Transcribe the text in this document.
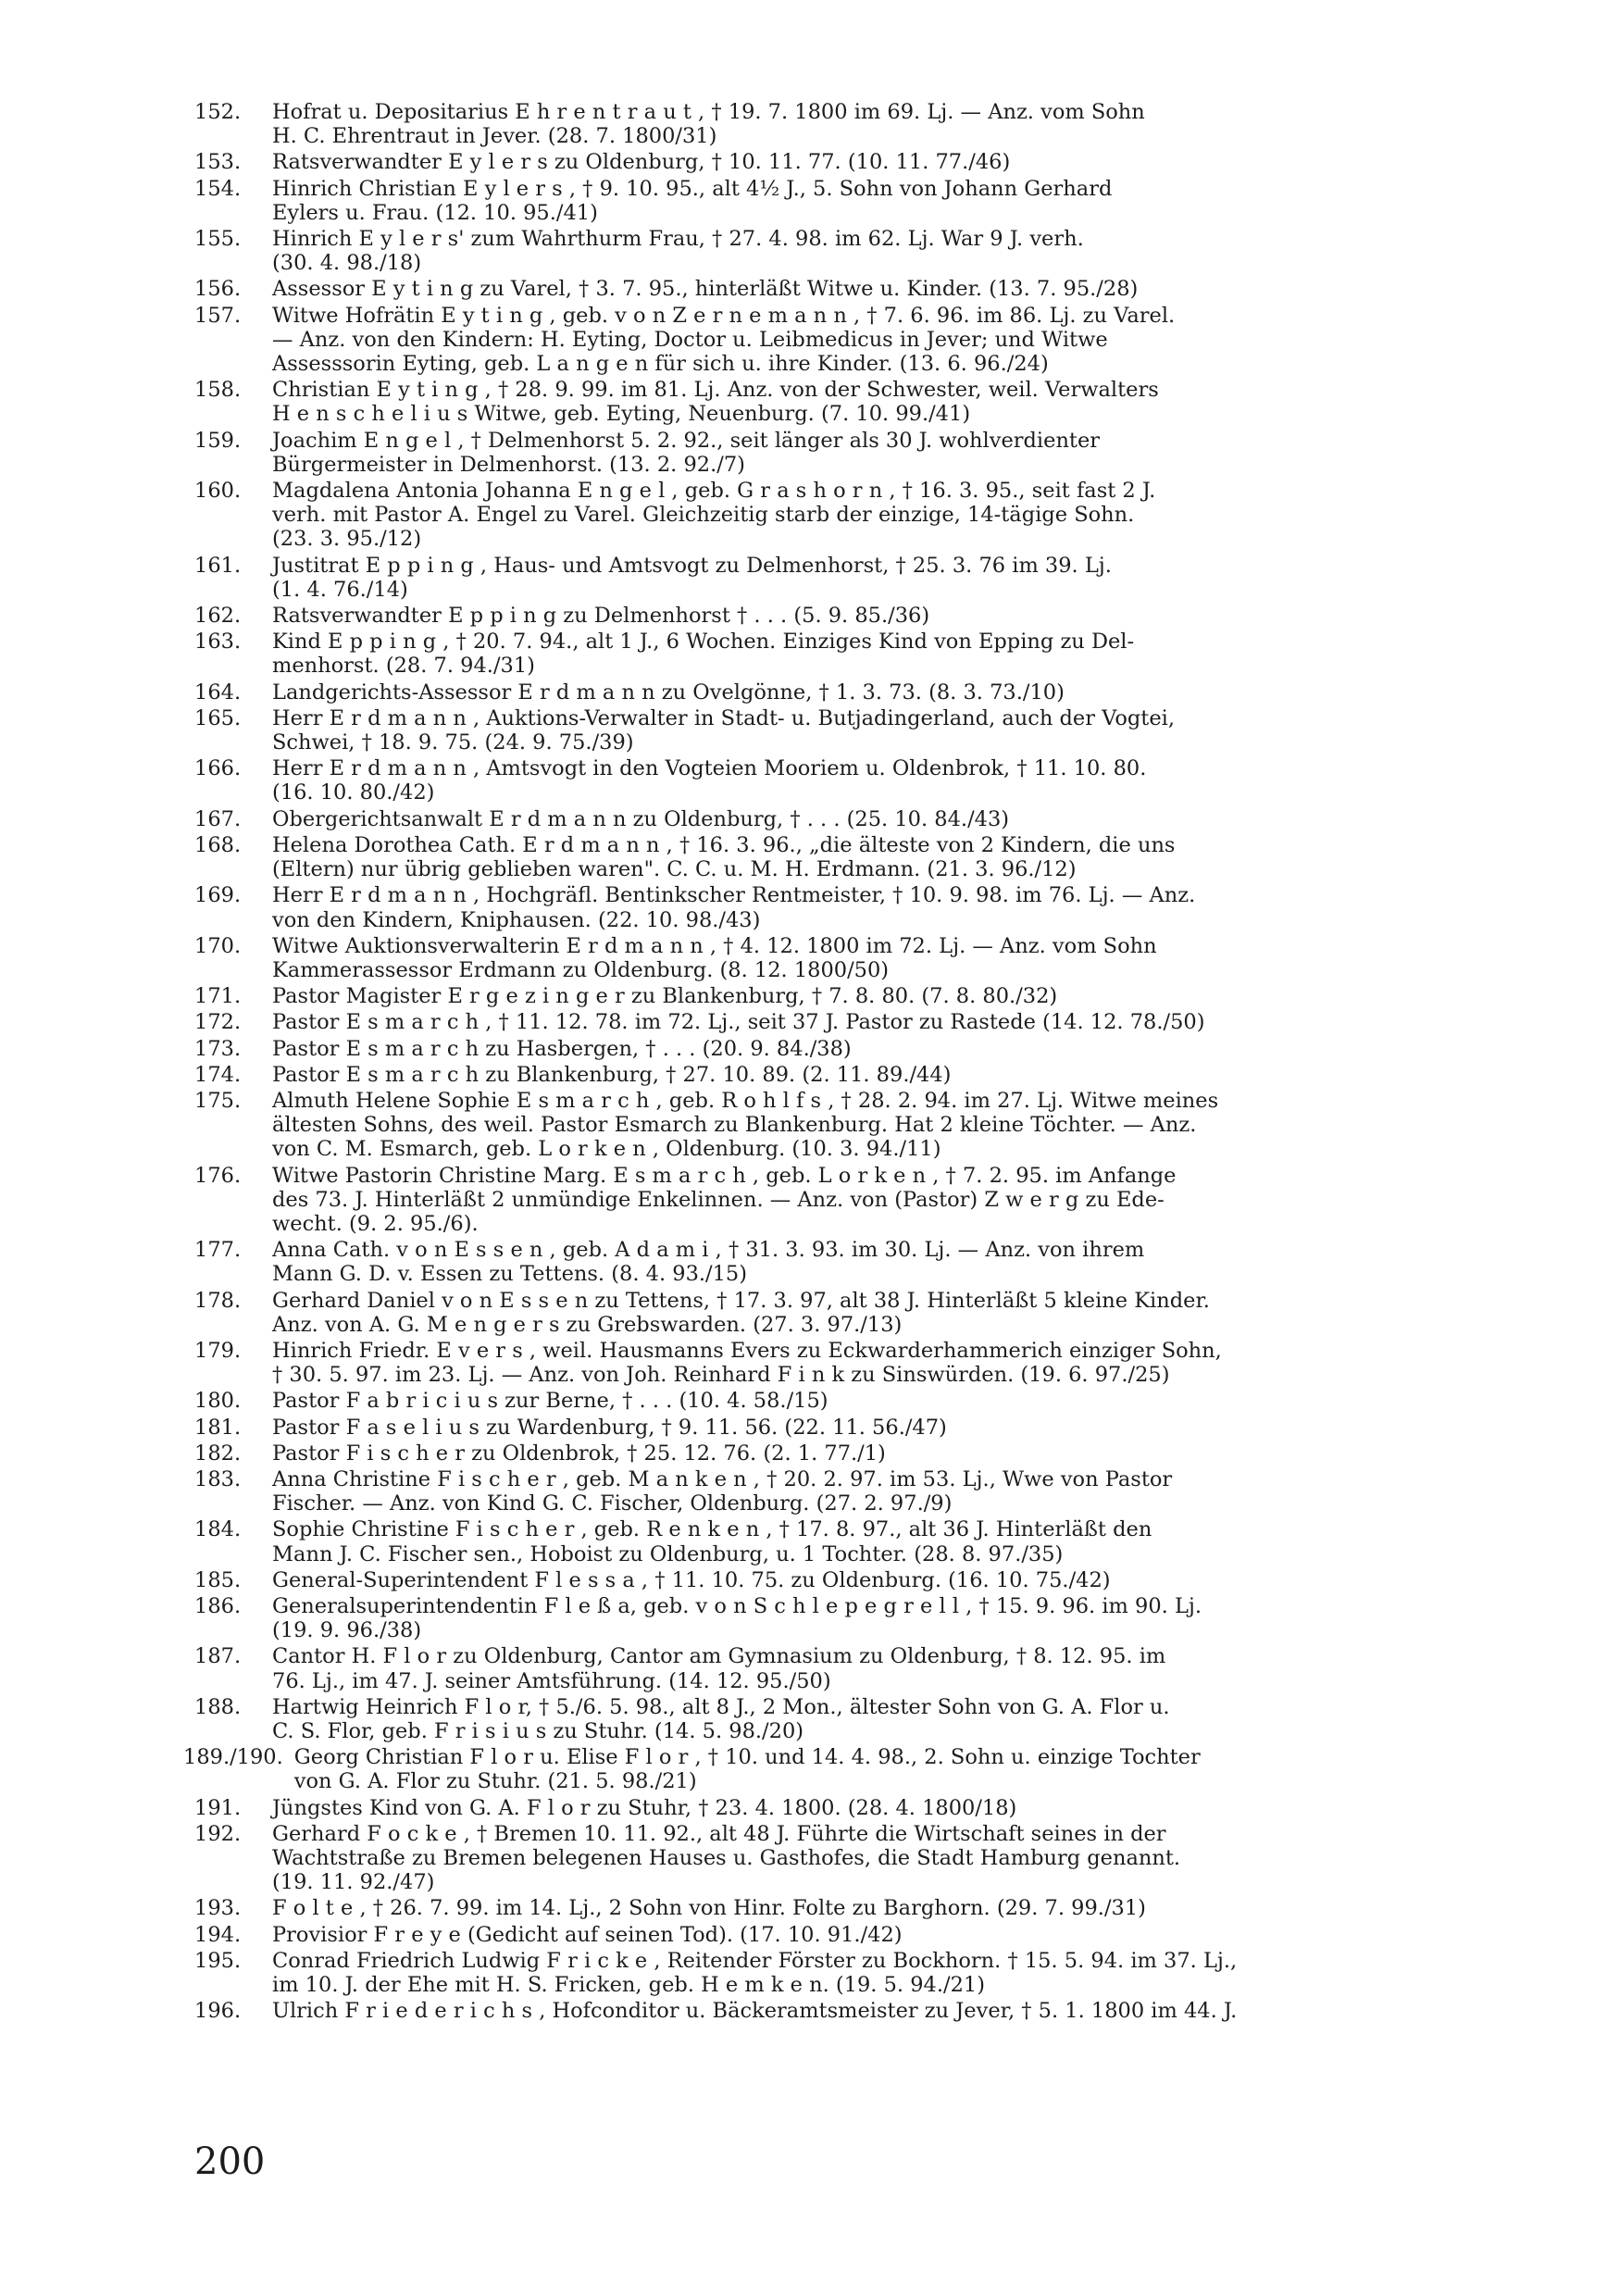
152.	Hofrat u. Depositarius E h r e n t r a u t , † 19. 7. 1800 im 69. Lj. — Anz. vom Sohn
H. C. Ehrentraut in Jever. (28. 7. 1800/31)
153.	Ratsverwandter E y l e r s zu Oldenburg, † 10. 11. 77. (10. 11. 77./46)
154.	Hinrich Christian E y l e r s , † 9. 10. 95., alt 4½ J., 5. Sohn von Johann Gerhard
Eylers u. Frau. (12. 10. 95./41)
155.	Hinrich E y l e r s' zum Wahrthurm Frau, † 27. 4. 98. im 62. Lj. War 9 J. verh.
(30. 4. 98./18)
156.	Assessor E y t i n g zu Varel, † 3. 7. 95., hinterläßt Witwe u. Kinder. (13. 7. 95./28)
157.	Witwe Hofrätin E y t i n g , geb. v o n Z e r n e m a n n , † 7. 6. 96. im 86. Lj. zu Varel.
— Anz. von den Kindern: H. Eyting, Doctor u. Leibmedicus in Jever; und Witwe
Assesssorin Eyting, geb. L a n g e n für sich u. ihre Kinder. (13. 6. 96./24)
158.	Christian E y t i n g , † 28. 9. 99. im 81. Lj. Anz. von der Schwester, weil. Verwalters
H e n s c h e l i u s Witwe, geb. Eyting, Neuenburg. (7. 10. 99./41)
159.	Joachim E n g e l , † Delmenhorst 5. 2. 92., seit länger als 30 J. wohlverdienter
Bürgermeister in Delmenhorst. (13. 2. 92./7)
160.	Magdalena Antonia Johanna E n g e l , geb. G r a s h o r n , † 16. 3. 95., seit fast 2 J.
verh. mit Pastor A. Engel zu Varel. Gleichzeitig starb der einzige, 14-tägige Sohn.
(23. 3. 95./12)
161.	Justitrat E p p i n g , Haus- und Amtsvogt zu Delmenhorst, † 25. 3. 76 im 39. Lj.
(1. 4. 76./14)
162.	Ratsverwandter E p p i n g zu Delmenhorst † . . . (5. 9. 85./36)
163.	Kind E p p i n g , † 20. 7. 94., alt 1 J., 6 Wochen. Einziges Kind von Epping zu Del-
menhorst. (28. 7. 94./31)
164.	Landgerichts-Assessor E r d m a n n zu Ovelgönne, † 1. 3. 73. (8. 3. 73./10)
165.	Herr E r d m a n n , Auktions-Verwalter in Stadt- u. Butjadingerland, auch der Vogtei,
Schwei, † 18. 9. 75. (24. 9. 75./39)
166.	Herr E r d m a n n , Amtsvogt in den Vogteien Mooriem u. Oldenbrok, † 11. 10. 80.
(16. 10. 80./42)
167.	Obergerichtsanwalt E r d m a n n zu Oldenburg, † . . . (25. 10. 84./43)
168.	Helena Dorothea Cath. E r d m a n n , † 16. 3. 96., „die älteste von 2 Kindern, die uns
(Eltern) nur übrig geblieben waren". C. C. u. M. H. Erdmann. (21. 3. 96./12)
169.	Herr E r d m a n n , Hochgräfl. Bentinkscher Rentmeister, † 10. 9. 98. im 76. Lj. — Anz.
von den Kindern, Kniphausen. (22. 10. 98./43)
170.	Witwe Auktionsverwalterin E r d m a n n , † 4. 12. 1800 im 72. Lj. — Anz. vom Sohn
Kammerassessor Erdmann zu Oldenburg. (8. 12. 1800/50)
171.	Pastor Magister E r g e z i n g e r zu Blankenburg, † 7. 8. 80. (7. 8. 80./32)
172.	Pastor E s m a r c h , † 11. 12. 78. im 72. Lj., seit 37 J. Pastor zu Rastede (14. 12. 78./50)
173.	Pastor E s m a r c h zu Hasbergen, † . . . (20. 9. 84./38)
174.	Pastor E s m a r c h zu Blankenburg, † 27. 10. 89. (2. 11. 89./44)
175.	Almuth Helene Sophie E s m a r c h , geb. R o h l f s , † 28. 2. 94. im 27. Lj. Witwe meines
ältesten Sohns, des weil. Pastor Esmarch zu Blankenburg. Hat 2 kleine Töchter. — Anz.
von C. M. Esmarch, geb. L o r k e n , Oldenburg. (10. 3. 94./11)
176.	Witwe Pastorin Christine Marg. E s m a r c h , geb. L o r k e n , † 7. 2. 95. im Anfange
des 73. J. Hinterläßt 2 unmündige Enkelinnen. — Anz. von (Pastor) Z w e r g zu Ede-
wecht. (9. 2. 95./6).
177.	Anna Cath. v o n E s s e n , geb. A d a m i , † 31. 3. 93. im 30. Lj. — Anz. von ihrem
Mann G. D. v. Essen zu Tettens. (8. 4. 93./15)
178.	Gerhard Daniel v o n E s s e n zu Tettens, † 17. 3. 97, alt 38 J. Hinterläßt 5 kleine Kinder.
Anz. von A. G. M e n g e r s zu Grebswarden. (27. 3. 97./13)
179.	Hinrich Friedr. E v e r s , weil. Hausmanns Evers zu Eckwarderhammerich einziger Sohn,
† 30. 5. 97. im 23. Lj. — Anz. von Joh. Reinhard F i n k zu Sinswürden. (19. 6. 97./25)
180.	Pastor F a b r i c i u s zur Berne, † . . . (10. 4. 58./15)
181.	Pastor F a s e l i u s zu Wardenburg, † 9. 11. 56. (22. 11. 56./47)
182.	Pastor F i s c h e r zu Oldenbrok, † 25. 12. 76. (2. 1. 77./1)
183.	Anna Christine F i s c h e r , geb. M a n k e n , † 20. 2. 97. im 53. Lj., Wwe von Pastor
Fischer. — Anz. von Kind G. C. Fischer, Oldenburg. (27. 2. 97./9)
184.	Sophie Christine F i s c h e r , geb. R e n k e n , † 17. 8. 97., alt 36 J. Hinterläßt den
Mann J. C. Fischer sen., Hoboist zu Oldenburg, u. 1 Tochter. (28. 8. 97./35)
185.	General-Superintendent F l e s s a , † 11. 10. 75. zu Oldenburg. (16. 10. 75./42)
186.	Generalsuperintendentin F l e ß a, geb. v o n S c h l e p e g r e l l , † 15. 9. 96. im 90. Lj.
(19. 9. 96./38)
187.	Cantor H. F l o r zu Oldenburg, Cantor am Gymnasium zu Oldenburg, † 8. 12. 95. im
76. Lj., im 47. J. seiner Amtsführung. (14. 12. 95./50)
188.	Hartwig Heinrich F l o r, † 5./6. 5. 98., alt 8 J., 2 Mon., ältester Sohn von G. A. Flor u.
C. S. Flor, geb. F r i s i u s zu Stuhr. (14. 5. 98./20)
189./190. Georg Christian F l o r u. Elise F l o r , † 10. und 14. 4. 98., 2. Sohn u. einzige Tochter
von G. A. Flor zu Stuhr. (21. 5. 98./21)
191.	Jüngstes Kind von G. A. F l o r zu Stuhr, † 23. 4. 1800. (28. 4. 1800/18)
192.	Gerhard F o c k e , † Bremen 10. 11. 92., alt 48 J. Führte die Wirtschaft seines in der
Wachtstraße zu Bremen belegenen Hauses u. Gasthofes, die Stadt Hamburg genannt.
(19. 11. 92./47)
193.	F o l t e , † 26. 7. 99. im 14. Lj., 2 Sohn von Hinr. Folte zu Barghorn. (29. 7. 99./31)
194.	Provisior F r e y e (Gedicht auf seinen Tod). (17. 10. 91./42)
195.	Conrad Friedrich Ludwig F r i c k e , Reitender Förster zu Bockhorn. † 15. 5. 94. im 37. Lj.,
im 10. J. der Ehe mit H. S. Fricken, geb. H e m k e n. (19. 5. 94./21)
196.	Ulrich F r i e d e r i c h s , Hofconditor u. Bäckeramtsmeister zu Jever, † 5. 1. 1800 im 44. J.
200
